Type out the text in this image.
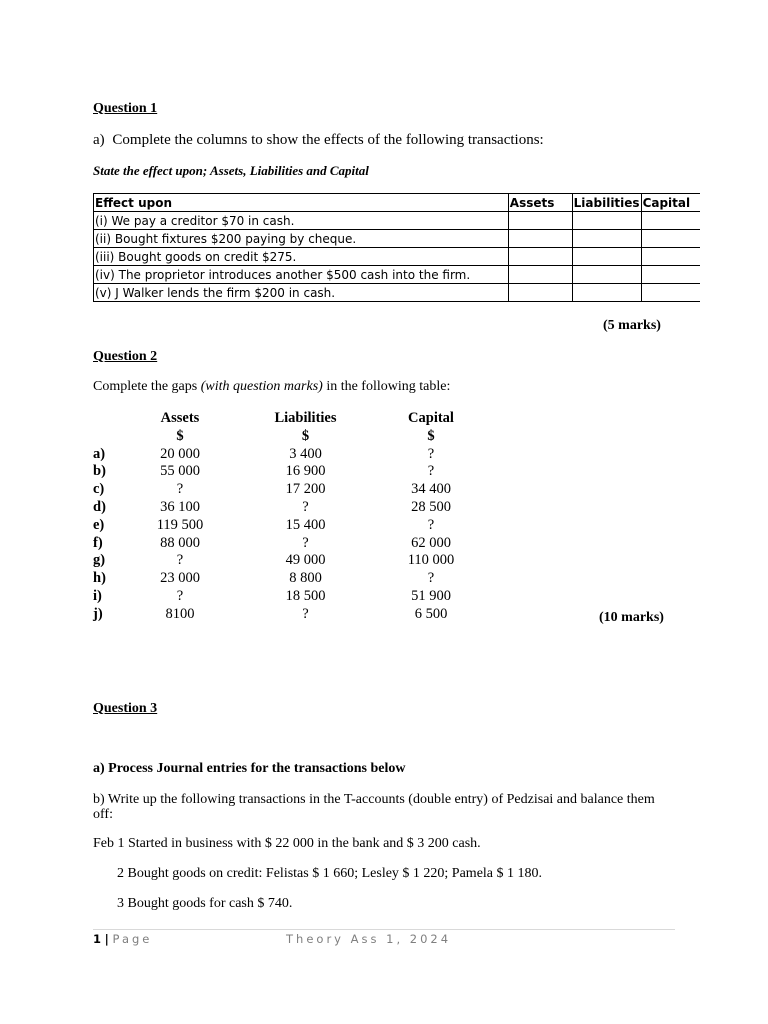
Question 1
a) Complete the columns to show the effects of the following transactions:
State the effect upon; Assets, Liabilities and Capital
Effect upon	Assets	Liabilities	Capital
(i) We pay a creditor $70 in cash.			
(ii) Bought fixtures $200 paying by cheque.			
(iii) Bought goods on credit $275.			
(iv) The proprietor introduces another $500 cash into the firm.			
(v) J Walker lends the firm $200 in cash.			
(5 marks)
Question 2
Complete the gaps (with question marks) in the following table:
	Assets	Liabilities	Capital
	$	$	$
a)	20 000	3 400	?
b)	55 000	16 900	?
c)	?	17 200	34 400
d)	36 100	?	28 500
e)	119 500	15 400	?
f)	88 000	?	62 000
g)	?	49 000	110 000
h)	23 000	8 800	?
i)	?	18 500	51 900
j)	8100	?	6 500	(10 marks)
Question 3
a) Process Journal entries for the transactions below
b) Write up the following transactions in the T-accounts (double entry) of Pedzisai and balance them
off:
Feb 1 Started in business with $ 22 000 in the bank and $ 3 200 cash.
2 Bought goods on credit: Felistas $ 1 660; Lesley $ 1 220; Pamela $ 1 180.
3 Bought goods for cash $ 740.
1 | Page	Theory Ass 1, 2024
